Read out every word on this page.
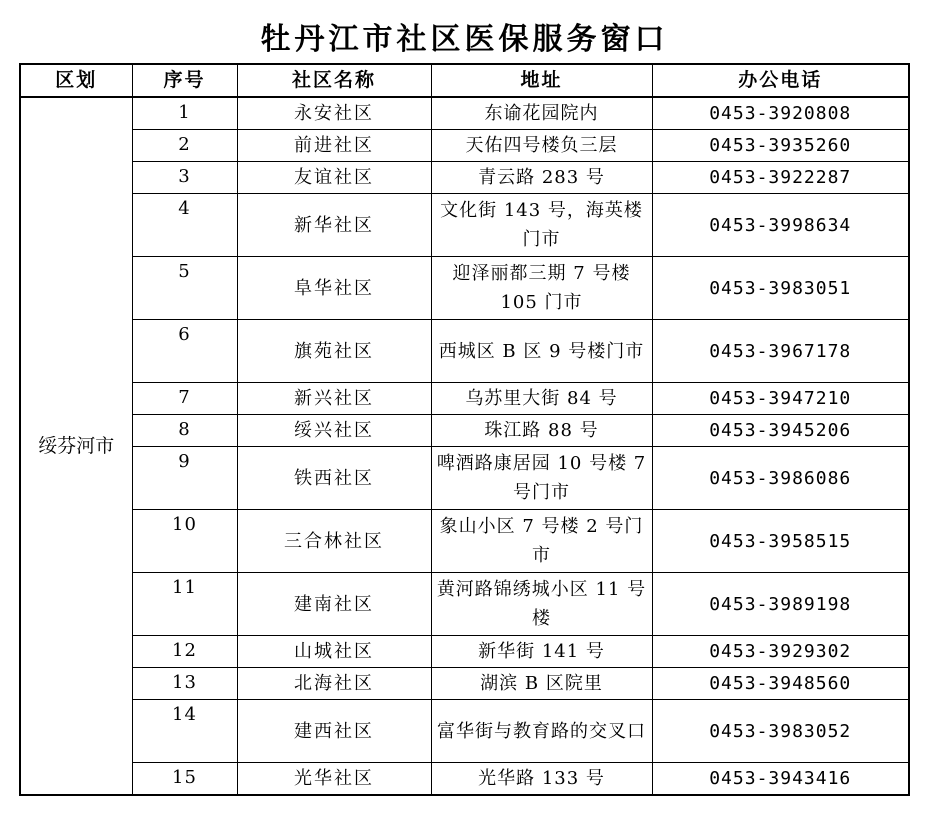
牡丹江市社区医保服务窗口
区划	序号	社区名称	地址	办公电话
绥芬河市	1	永安社区	东谕花园院内	0453-3920808
	2	前进社区	天佑四号楼负三层	0453-3935260
	3	友谊社区	青云路 283 号	0453-3922287
	4	新华社区	文化街 143 号，海英楼门市	0453-3998634
	5	阜华社区	迎泽丽都三期 7 号楼 105 门市	0453-3983051
	6	旗苑社区	西城区 B 区 9 号楼门市	0453-3967178
	7	新兴社区	乌苏里大街 84 号	0453-3947210
	8	绥兴社区	珠江路 88 号	0453-3945206
	9	铁西社区	啤酒路康居园 10 号楼 7 号门市	0453-3986086
	10	三合林社区	象山小区 7 号楼 2 号门市	0453-3958515
	11	建南社区	黄河路锦绣城小区 11 号楼	0453-3989198
	12	山城社区	新华街 141 号	0453-3929302
	13	北海社区	湖滨 B 区院里	0453-3948560
	14	建西社区	富华街与教育路的交叉口	0453-3983052
	15	光华社区	光华路 133 号	0453-3943416
